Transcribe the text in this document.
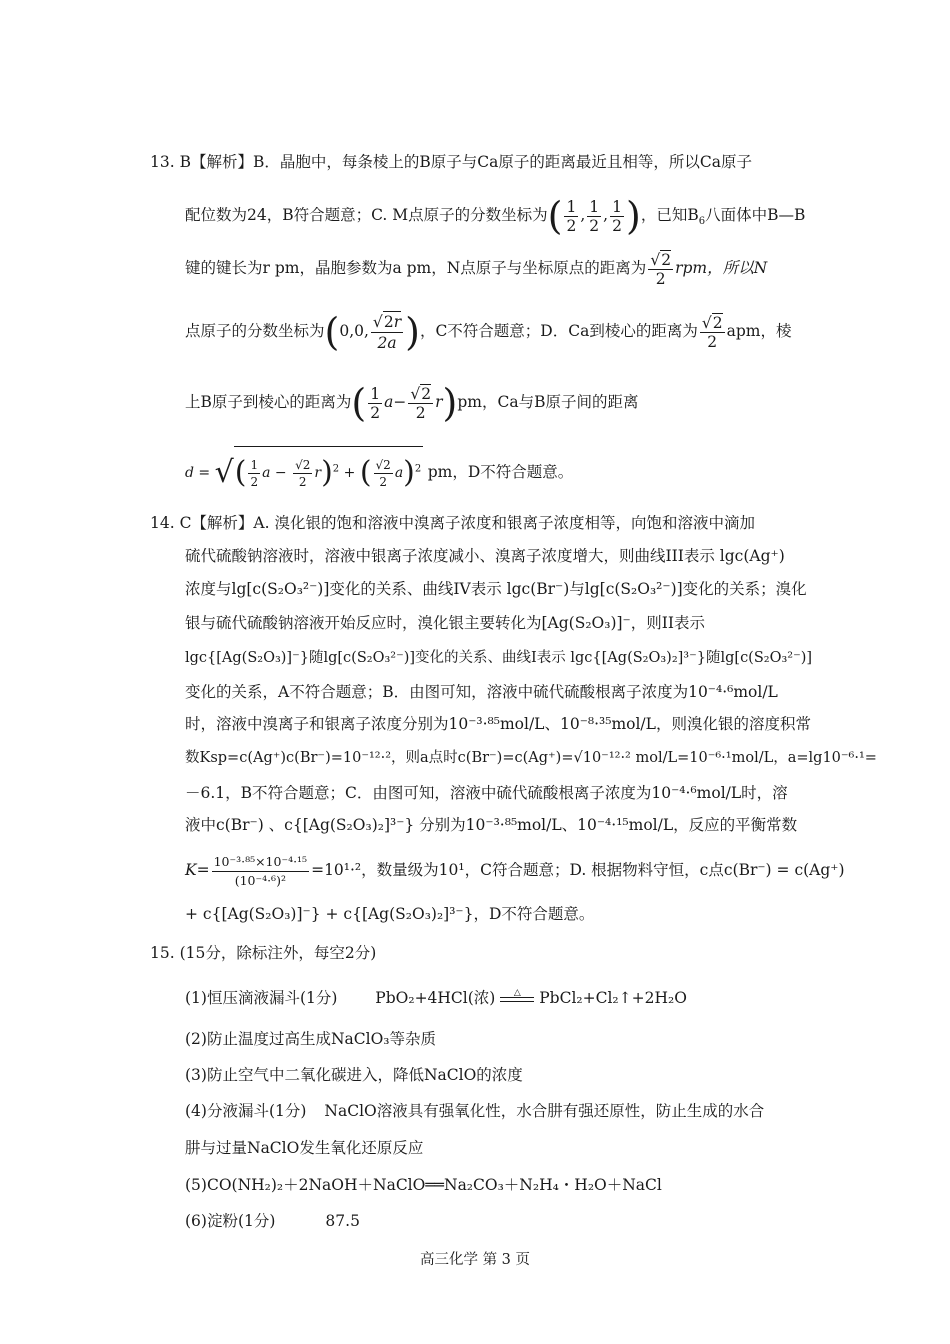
13. B【解析】B．晶胞中，每条棱上的B原子与Ca原子的距离最近且相等，所以Ca原子
配位数为24，B符合题意；C. M点原子的分数坐标为( $\frac{1}{2}$ , $\frac{1}{2}$ , $\frac{1}{2}$ )，已知$B_6$八面体中B—B
键的键长为r pm，晶胞参数为a pm，N点原子与坐标原点的距离为 $\frac{√2}{2}$ rpm，所以N
点原子的分数坐标为(0,0, $\frac{√2r}{2a}$ )，C不符合题意；D．Ca到棱心的距离为 $\frac{√2}{2}$ apm，棱
上B原子到棱心的距离为( $\frac{1}{2} a- \frac{√2}{2} r)pm$，Ca与B原子间的距离
d = √( $\frac{1}{2}$ $a - \frac{√2}{2} r)^2$ + ( $\frac{√2}{2} a)^2$ pm，D不符合题意。
14. C【解析】A. 溴化银的饱和溶液中溴离子浓度和银离子浓度相等，向饱和溶液中滴加
硫代硫酸钠溶液时，溶液中银离子浓度减小、溴离子浓度增大，则曲线III表示 lgc(Ag⁺)
浓度与lg[c(S₂O₃²⁻)]变化的关系、曲线IV表示 lgc(Br⁻)与lg[c(S₂O₃²⁻)]变化的关系；溴化
银与硫代硫酸钠溶液开始反应时，溴化银主要转化为[Ag(S₂O₃)]⁻，则II表示
lgc{[Ag(S₂O₃)]⁻}随lg[c(S₂O₃²⁻)]变化的关系、曲线I表示 lgc{[Ag(S₂O₃)₂]³⁻}随lg[c(S₂O₃²⁻)]
变化的关系，A不符合题意；B．由图可知，溶液中硫代硫酸根离子浓度为10⁻⁴·⁶mol/L
时，溶液中溴离子和银离子浓度分别为10⁻³·⁸⁵mol/L、10⁻⁸·³⁵mol/L，则溴化银的溶度积常
数Ksp=c(Ag⁺)c(Br⁻)=10⁻¹²·²，则a点时c(Br⁻)=c(Ag⁺)=√10⁻¹²·² mol/L=10⁻⁶·¹mol/L，a=lg10⁻⁶·¹=
－6.1，B不符合题意；C．由图可知，溶液中硫代硫酸根离子浓度为10⁻⁴·⁶mol/L时，溶
液中c(Br⁻) 、c{[Ag(S₂O₃)₂]³⁻} 分别为10⁻³·⁸⁵mol/L、10⁻⁴·¹⁵mol/L，反应的平衡常数
$K= \frac{\text{10⁻³·⁸⁵×10⁻⁴·¹⁵}}{\text{(10⁻⁴·⁶)²}} =10^1\cdot^2$，数量级为10¹，C符合题意；D. 根据物料守恒，c点c(Br⁻) = c(Ag⁺)
+ c{[Ag(S₂O₃)]⁻} + c{[Ag(S₂O₃)₂]³⁻}，D不符合题意。
15. (15分，除标注外，每空2分)
(1)恒压滴液漏斗(1分) PbO₂+4HCl(浓)	△	PbCl₂+Cl₂↑+2H₂O
(2)防止温度过高生成NaClO₃等杂质
(3)防止空气中二氧化碳进入，降低NaClO的浓度
(4)分液漏斗(1分) NaClO溶液具有强氧化性，水合肼有强还原性，防止生成的水合
肼与过量NaClO发生氧化还原反应
(5)CO(NH₂)₂＋2NaOH＋NaClO══Na₂CO₃＋N₂H₄・H₂O＋NaCl
(6)淀粉(1分)	87.5
高三化学 第 3 页
